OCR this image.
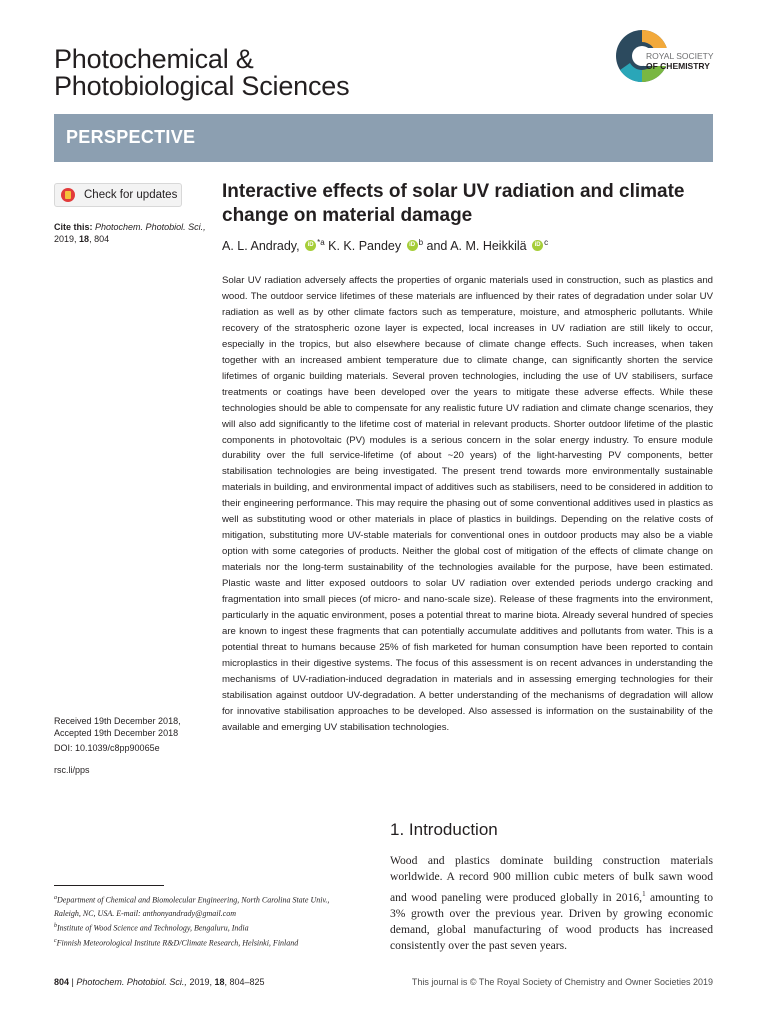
Photochemical &
Photobiological Sciences
ROYAL SOCIETY
OF CHEMISTRY
PERSPECTIVE
Check for updates
Cite this: Photochem. Photobiol. Sci.,
2019, 18, 804
Interactive effects of solar UV radiation and climate change on material damage
A. L. Andrady, iD $^{*a}$ K. K. Pandey iD $^b$ and A. M. Heikkilä iD $^c$

Solar UV radiation adversely affects the properties of organic materials used in construction, such as plastics and wood. The outdoor service lifetimes of these materials are influenced by their rates of degradation under solar UV radiation as well as by other climate factors such as temperature, moisture, and atmospheric pollutants. While recovery of the stratospheric ozone layer is expected, local increases in UV radiation are still likely to occur, especially in the tropics, but also elsewhere because of climate change effects. Such increases, when taken together with an increased ambient temperature due to climate change, can significantly shorten the service lifetimes of organic building materials. Several proven technologies, including the use of UV stabilisers, surface treatments or coatings have been developed over the years to mitigate these adverse effects. While these technologies should be able to compensate for any realistic future UV radiation and climate change scenarios, they will also add significantly to the lifetime cost of material in relevant products. Shorter outdoor lifetime of the plastic components in photovoltaic (PV) modules is a serious concern in the solar energy industry. To ensure module durability over the full service-lifetime (of about ~20 years) of the light-harvesting PV components, better stabilisation technologies are being investigated. The present trend towards more environmentally sustainable materials in building, and environmental impact of additives such as stabilisers, need to be considered in addition to their engineering performance. This may require the phasing out of some conventional additives used in plastics as well as substituting wood or other materials in place of plastics in buildings. Depending on the relative costs of mitigation, substituting more UV-stable materials for conventional ones in outdoor products may also be a viable option with some categories of products. Neither the global cost of mitigation of the effects of climate change on materials nor the long-term sustainability of the technologies available for the purpose, have been estimated. Plastic waste and litter exposed outdoors to solar UV radiation over extended periods undergo cracking and fragmentation into small pieces (of micro- and nano-scale size). Release of these fragments into the environment, particularly in the aquatic environment, poses a potential threat to marine biota. Already several hundred of species are known to ingest these fragments that can potentially accumulate additives and pollutants from water. This is a potential threat to humans because 25% of fish marketed for human consumption have been reported to contain microplastics in their digestive systems. The focus of this assessment is on recent advances in understanding the mechanisms of UV-radiation-induced degradation in materials and in assessing emerging technologies for their stabilisation against outdoor UV-degradation. A better understanding of the mechanisms of degradation will allow for innovative stabilisation approaches to be developed. Also assessed is information on the sustainability of the available and emerging UV stabilisation technologies.

Received 19th December 2018,
Accepted 19th December 2018
DOI: 10.1039/c8pp90065e
rsc.li/pps
1. Introduction

Wood and plastics dominate building construction materials worldwide. A record 900 million cubic meters of bulk sawn wood and wood paneling were produced globally in 2016,$^1$ amounting to 3% growth over the previous year. Driven by growing economic demand, global manufacturing of wood products has increased consistently over the past seven years.

$^a$Department of Chemical and Biomolecular Engineering, North Carolina State Univ.,
Raleigh, NC, USA. E-mail: anthonyandrady@gmail.com
$^b$Institute of Wood Science and Technology, Bengaluru, India
$^c$Finnish Meteorological Institute R&D/Climate Research, Helsinki, Finland
804 | Photochem. Photobiol. Sci., 2019, 18, 804–825	This journal is © The Royal Society of Chemistry and Owner Societies 2019
